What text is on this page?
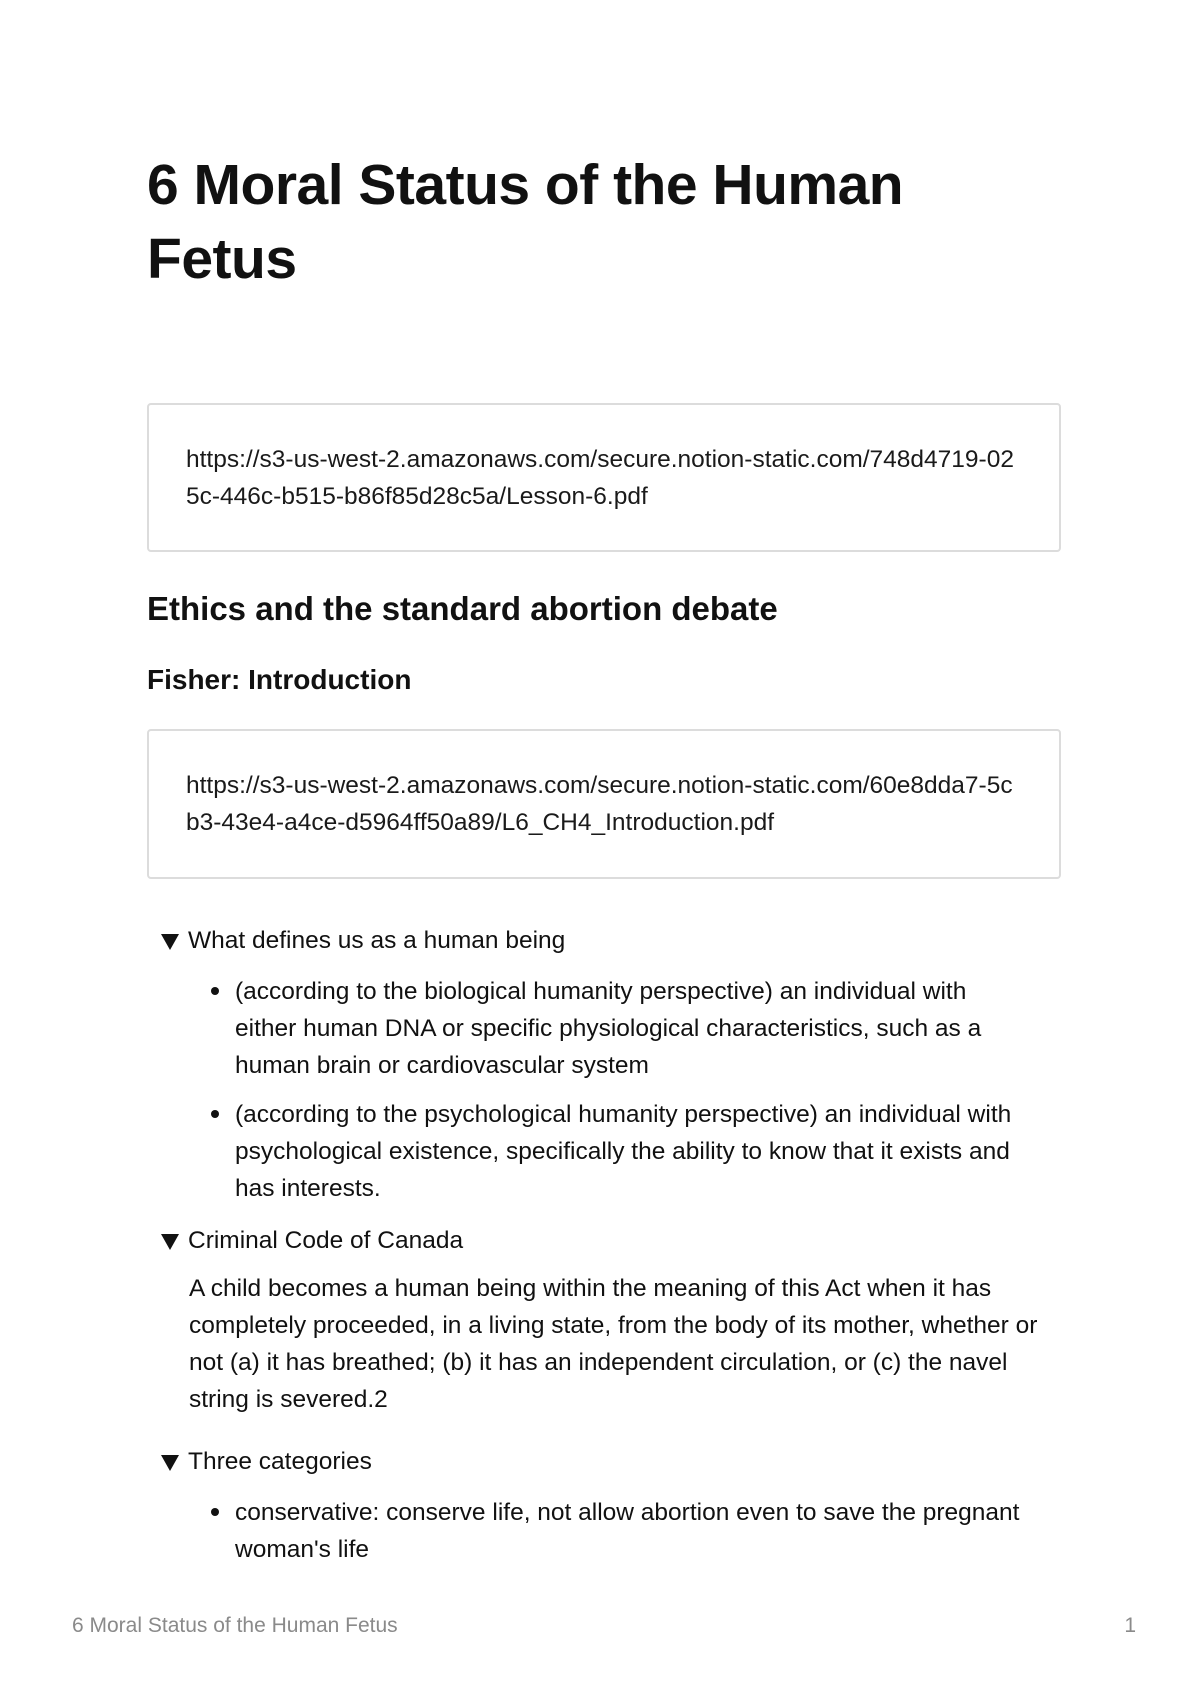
6 Moral Status of the Human Fetus
https://s3-us-west-2.amazonaws.com/secure.notion-static.com/748d4719-025c-446c-b515-b86f85d28c5a/Lesson-6.pdf
Ethics and the standard abortion debate
Fisher: Introduction
https://s3-us-west-2.amazonaws.com/secure.notion-static.com/60e8dda7-5cb3-43e4-a4ce-d5964ff50a89/L6_CH4_Introduction.pdf
What defines us as a human being
(according to the biological humanity perspective) an individual with either human DNA or specific physiological characteristics, such as a human brain or cardiovascular system
(according to the psychological humanity perspective) an individual with psychological existence, specifically the ability to know that it exists and has interests.
Criminal Code of Canada
A child becomes a human being within the meaning of this Act when it has completely proceeded, in a living state, from the body of its mother, whether or not (a) it has breathed; (b) it has an independent circulation, or (c) the navel string is severed.2
Three categories
conservative: conserve life, not allow abortion even to save the pregnant woman's life
6 Moral Status of the Human Fetus	1
